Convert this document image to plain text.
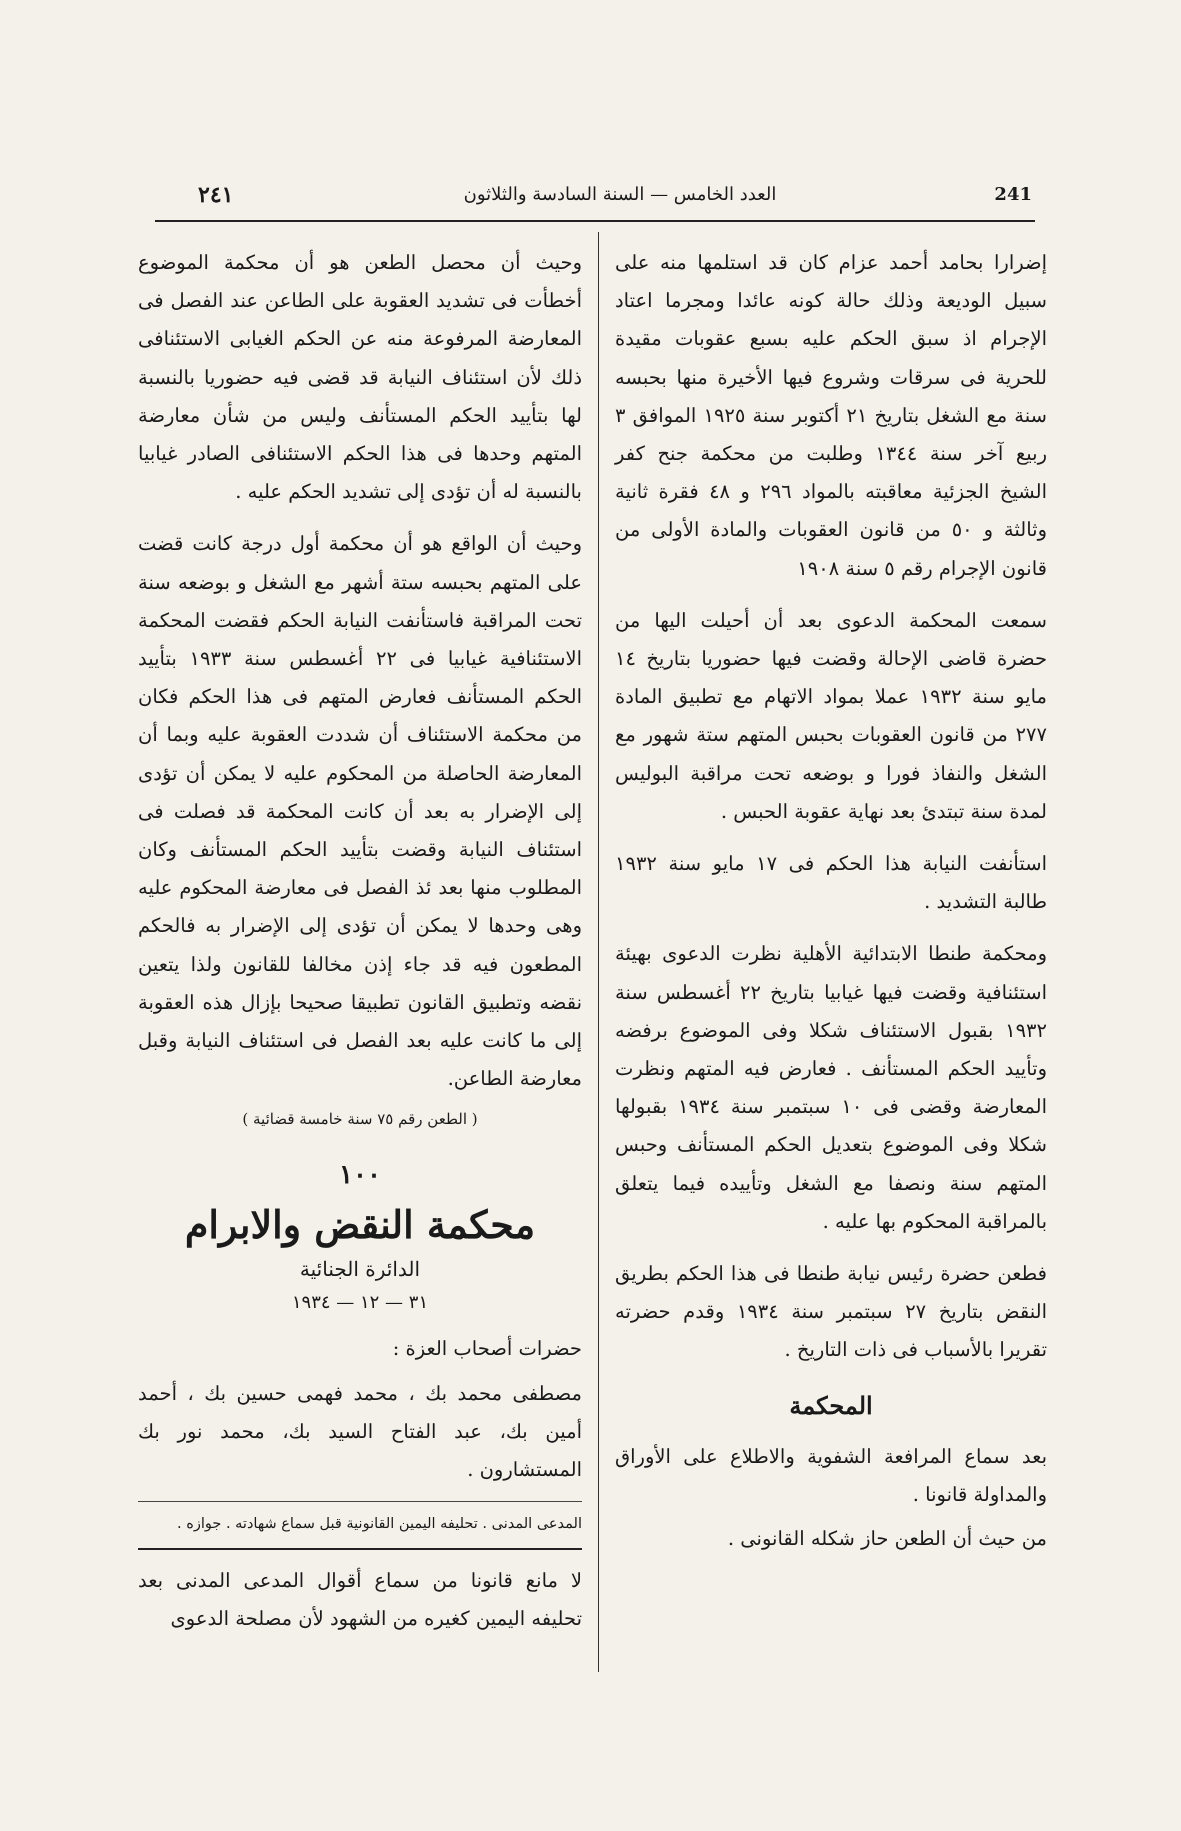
٢٤١	العدد الخامس — السنة السادسة والثلاثون	241

إضرارا بحامد أحمد عزام كان قد استلمها منه على سبيل الوديعة وذلك حالة كونه عائدا ومجرما اعتاد الإجرام اذ سبق الحكم عليه بسبع عقوبات مقيدة للحرية فى سرقات وشروع فيها الأخيرة منها بحبسه سنة مع الشغل بتاريخ ٢١ أكتوبر سنة ١٩٢٥ الموافق ٣ ربيع آخر سنة ١٣٤٤ وطلبت من محكمة جنح كفر الشيخ الجزئية معاقبته بالمواد ٢٩٦ و ٤٨ فقرة ثانية وثالثة و ٥٠ من قانون العقوبات والمادة الأولى من قانون الإجرام رقم ٥ سنة ١٩٠٨

سمعت المحكمة الدعوى بعد أن أحيلت اليها من حضرة قاضى الإحالة وقضت فيها حضوريا بتاريخ ١٤ مايو سنة ١٩٣٢ عملا بمواد الاتهام مع تطبيق المادة ٢٧٧ من قانون العقوبات بحبس المتهم ستة شهور مع الشغل والنفاذ فورا و بوضعه تحت مراقبة البوليس لمدة سنة تبتدئ بعد نهاية عقوبة الحبس .

استأنفت النيابة هذا الحكم فى ١٧ مايو سنة ١٩٣٢ طالبة التشديد .

ومحكمة طنطا الابتدائية الأهلية نظرت الدعوى بهيئة استئنافية وقضت فيها غيابيا بتاريخ ٢٢ أغسطس سنة ١٩٣٢ بقبول الاستئناف شكلا وفى الموضوع برفضه وتأييد الحكم المستأنف . فعارض فيه المتهم ونظرت المعارضة وقضى فى ١٠ سبتمبر سنة ١٩٣٤ بقبولها شكلا وفى الموضوع بتعديل الحكم المستأنف وحبس المتهم سنة ونصفا مع الشغل وتأييده فيما يتعلق بالمراقبة المحكوم بها عليه .

فطعن حضرة رئيس نيابة طنطا فى هذا الحكم بطريق النقض بتاريخ ٢٧ سبتمبر سنة ١٩٣٤ وقدم حضرته تقريرا بالأسباب فى ذات التاريخ .

المحكمة

بعد سماع المرافعة الشفوية والاطلاع على الأوراق والمداولة قانونا .

من حيث أن الطعن حاز شكله القانونى .

وحيث أن محصل الطعن هو أن محكمة الموضوع أخطأت فى تشديد العقوبة على الطاعن عند الفصل فى المعارضة المرفوعة منه عن الحكم الغيابى الاستئنافى ذلك لأن استئناف النيابة قد قضى فيه حضوريا بالنسبة لها بتأييد الحكم المستأنف وليس من شأن معارضة المتهم وحدها فى هذا الحكم الاستئنافى الصادر غيابيا بالنسبة له أن تؤدى إلى تشديد الحكم عليه .

وحيث أن الواقع هو أن محكمة أول درجة كانت قضت على المتهم بحبسه ستة أشهر مع الشغل و بوضعه سنة تحت المراقبة فاستأنفت النيابة الحكم فقضت المحكمة الاستئنافية غيابيا فى ٢٢ أغسطس سنة ١٩٣٣ بتأييد الحكم المستأنف فعارض المتهم فى هذا الحكم فكان من محكمة الاستئناف أن شددت العقوبة عليه وبما أن المعارضة الحاصلة من المحكوم عليه لا يمكن أن تؤدى إلى الإضرار به بعد أن كانت المحكمة قد فصلت فى استئناف النيابة وقضت بتأييد الحكم المستأنف وكان المطلوب منها بعد ئذ الفصل فى معارضة المحكوم عليه وهى وحدها لا يمكن أن تؤدى إلى الإضرار به فالحكم المطعون فيه قد جاء إذن مخالفا للقانون ولذا يتعين نقضه وتطبيق القانون تطبيقا صحيحا بإزال هذه العقوبة إلى ما كانت عليه بعد الفصل فى استئناف النيابة وقبل معارضة الطاعن.

( الطعن رقم ٧٥ سنة خامسة قضائية )
١٠٠
محكمة النقض والابرام
الدائرة الجنائية
٣١ — ١٢ — ١٩٣٤

حضرات أصحاب العزة :

مصطفى محمد بك ، محمد فهمى حسين بك ، أحمد أمين بك، عبد الفتاح السيد بك، محمد نور بك المستشارون .

المدعى المدنى . تحليفه اليمين القانونية قبل سماع شهادته . جوازه .
لا مانع قانونا من سماع أقوال المدعى المدنى بعد تحليفه اليمين كغيره من الشهود لأن مصلحة الدعوى
